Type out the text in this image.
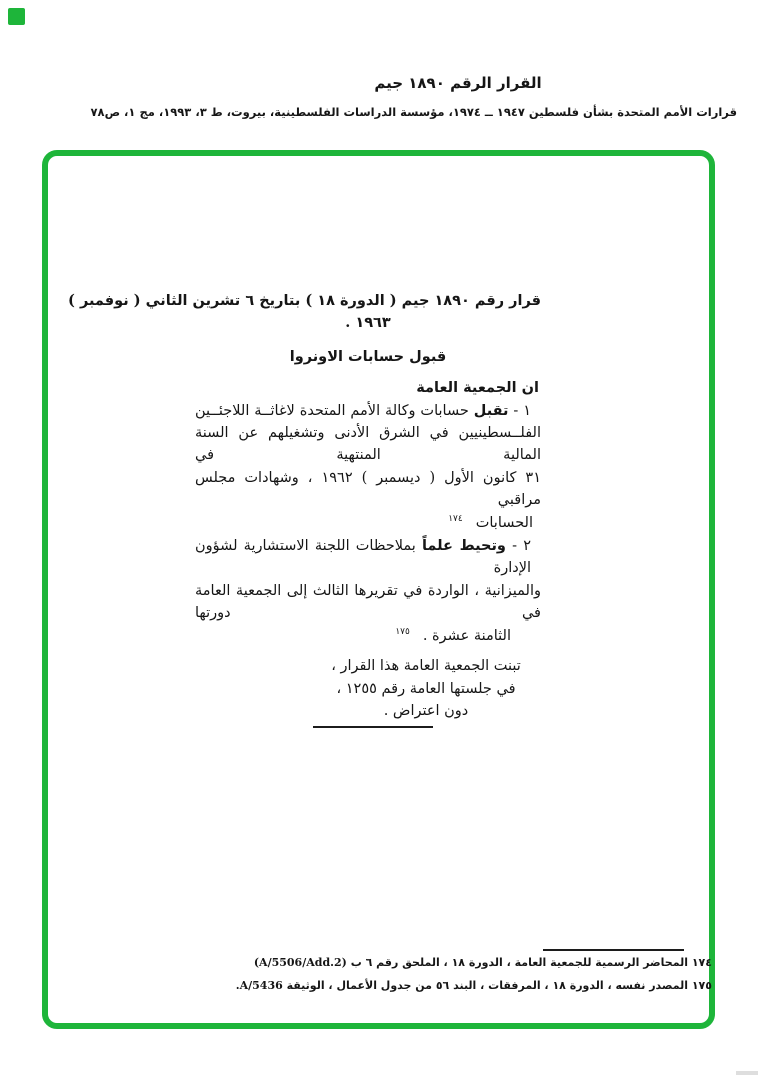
القرار الرقم ١٨٩٠ جيم
قرارات الأمم المتحدة بشأن فلسطين ١٩٤٧ ــ ١٩٧٤، مؤسسة الدراسات الفلسطينية، بيروت، ط ٣، ١٩٩٣، مج ١، ص٧٨
قرار رقم ١٨٩٠ جيم ( الدورة ١٨ ) بتاريخ ٦ تشرين الثاني ( نوفمبر )
١٩٦٣ .
قبول حسابات الاونروا
ان الجمعية العامة
١ - تقبل حسابات وكالة الأمم المتحدة لاغاثــة اللاجئــين
الفلــسطينيين في الشرق الأدنى وتشغيلهم عن السنة المالية المنتهية في
٣١ كانون الأول ( ديسمبر ) ١٩٦٢ ، وشهادات مجلس مراقبي
الحسابات$^{١٧٤}$
٢ - وتحيط علماً بملاحظات اللجنة الاستشارية لشؤون الإدارة
والميزانية ، الواردة في تقريرها الثالث إلى الجمعية العامة في دورتها
الثامنة عشرة .$^{١٧٥}$
تبنت الجمعية العامة هذا القرار ،
في جلستها العامة رقم ١٢٥٥ ،
دون اعتراض .
١٧٤ المحاضر الرسمية للجمعية العامة ، الدورة ١٨ ، الملحق رقم ٦ ب (A/5506/Add.2)
١٧٥ المصدر نفسه ، الدورة ١٨ ، المرفقات ، البند ٥٦ من جدول الأعمال ، الوثيقة A/5436.
